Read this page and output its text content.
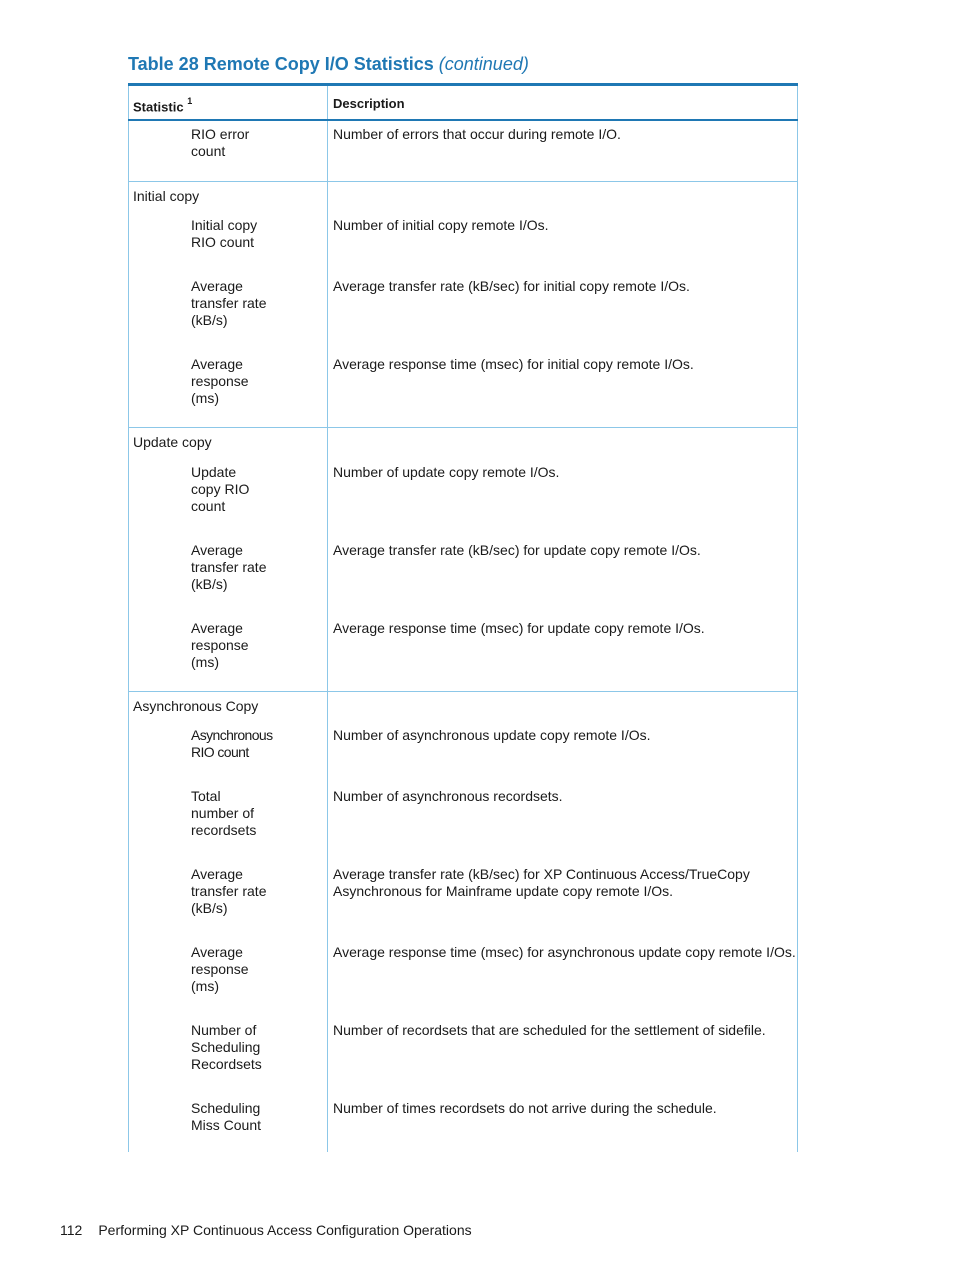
Table 28 Remote Copy I/O Statistics (continued)
Statistic $^1$	Description
RIO error
count
Number of errors that occur during remote I/O.
Initial copy
Initial copy
RIO count
Number of initial copy remote I/Os.
Average
transfer rate
(kB/s)
Average transfer rate (kB/sec) for initial copy remote I/Os.
Average
response
(ms)
Average response time (msec) for initial copy remote I/Os.
Update copy
Update
copy RIO
count
Number of update copy remote I/Os.
Average
transfer rate
(kB/s)
Average transfer rate (kB/sec) for update copy remote I/Os.
Average
response
(ms)
Average response time (msec) for update copy remote I/Os.
Asynchronous Copy
Asynchronous
RIO count
Number of asynchronous update copy remote I/Os.
Total
number of
recordsets
Number of asynchronous recordsets.
Average
transfer rate
(kB/s)
Average transfer rate (kB/sec) for XP Continuous Access/TrueCopy
Asynchronous for Mainframe update copy remote I/Os.
Average
response
(ms)
Average response time (msec) for asynchronous update copy remote I/Os.
Number of
Scheduling
Recordsets
Number of recordsets that are scheduled for the settlement of sidefile.
Scheduling
Miss Count
Number of times recordsets do not arrive during the schedule.
112 Performing XP Continuous Access Configuration Operations
